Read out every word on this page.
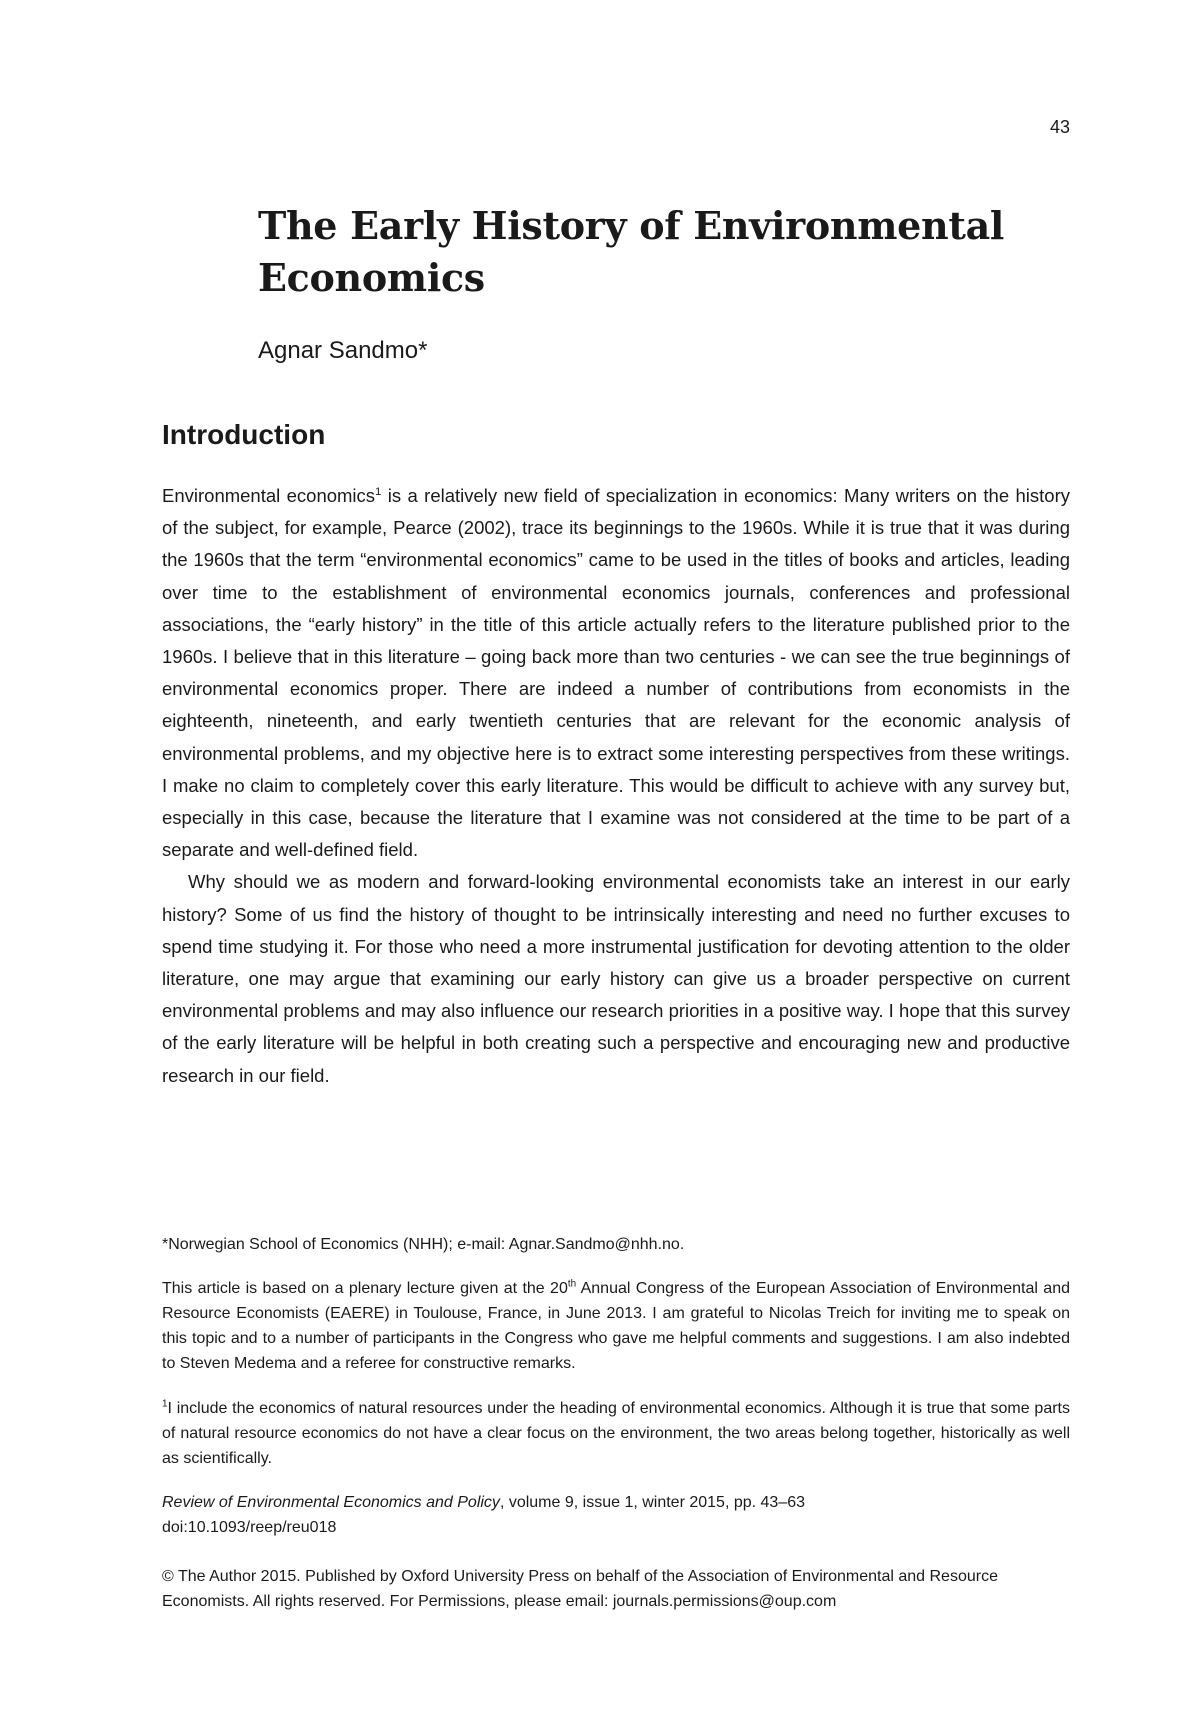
43
The Early History of Environmental Economics
Agnar Sandmo*
Introduction

Environmental economics$^1$ is a relatively new field of specialization in economics: Many writers on the history of the subject, for example, Pearce (2002), trace its beginnings to the 1960s. While it is true that it was during the 1960s that the term “environmental economics” came to be used in the titles of books and articles, leading over time to the establishment of environmental economics journals, conferences and professional associations, the “early history” in the title of this article actually refers to the literature published prior to the 1960s. I believe that in this literature – going back more than two centuries - we can see the true beginnings of environmental economics proper. There are indeed a number of contributions from economists in the eighteenth, nineteenth, and early twentieth centuries that are relevant for the economic analysis of environmental problems, and my objective here is to extract some interesting perspectives from these writings. I make no claim to completely cover this early literature. This would be difficult to achieve with any survey but, especially in this case, because the literature that I examine was not considered at the time to be part of a separate and well-defined field.

Why should we as modern and forward-looking environmental economists take an interest in our early history? Some of us find the history of thought to be intrinsically interesting and need no further excuses to spend time studying it. For those who need a more instrumental justification for devoting attention to the older literature, one may argue that examining our early history can give us a broader perspective on current environmental problems and may also influence our research priorities in a positive way. I hope that this survey of the early literature will be helpful in both creating such a perspective and encouraging new and productive research in our field.

*Norwegian School of Economics (NHH); e-mail: Agnar.Sandmo@nhh.no.

This article is based on a plenary lecture given at the 20th Annual Congress of the European Association of Environmental and Resource Economists (EAERE) in Toulouse, France, in June 2013. I am grateful to Nicolas Treich for inviting me to speak on this topic and to a number of participants in the Congress who gave me helpful comments and suggestions. I am also indebted to Steven Medema and a referee for constructive remarks.

$^1$I include the economics of natural resources under the heading of environmental economics. Although it is true that some parts of natural resource economics do not have a clear focus on the environment, the two areas belong together, historically as well as scientifically.

Review of Environmental Economics and Policy, volume 9, issue 1, winter 2015, pp. 43–63

doi:10.1093/reep/reu018

© The Author 2015. Published by Oxford University Press on behalf of the Association of Environmental and Resource

Economists. All rights reserved. For Permissions, please email: journals.permissions@oup.com
